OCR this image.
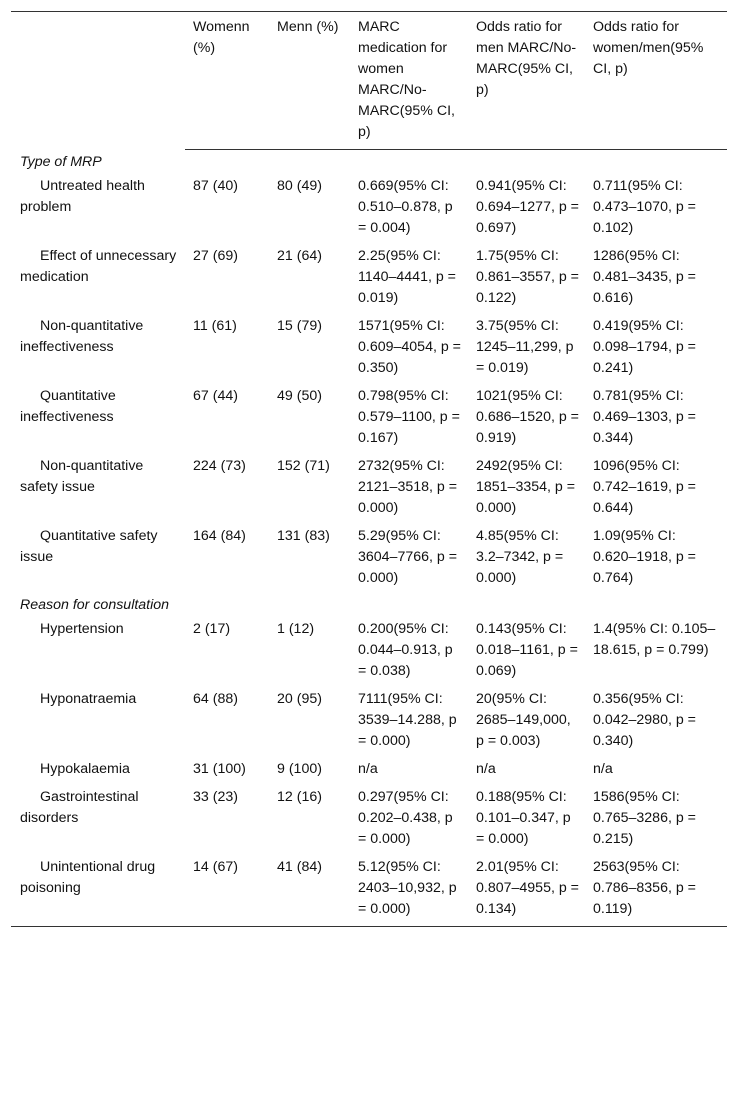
	Womenn (%)	Menn (%)	MARC medication for women MARC/No-MARC(95% CI, p)	Odds ratio for men MARC/No-MARC(95% CI, p)	Odds ratio for women/men(95% CI, p)
Type of MRP					
Untreated health problem	87 (40)	80 (49)	0.669(95% CI: 0.510–0.878, p = 0.004)	0.941(95% CI: 0.694–1277, p = 0.697)	0.711(95% CI: 0.473–1070, p = 0.102)
Effect of unnecessary medication	27 (69)	21 (64)	2.25(95% CI: 1140–4441, p = 0.019)	1.75(95% CI: 0.861–3557, p = 0.122)	1286(95% CI: 0.481–3435, p = 0.616)
Non-quantitative ineffectiveness	11 (61)	15 (79)	1571(95% CI: 0.609–4054, p = 0.350)	3.75(95% CI: 1245–11,299, p = 0.019)	0.419(95% CI: 0.098–1794, p = 0.241)
Quantitative ineffectiveness	67 (44)	49 (50)	0.798(95% CI: 0.579–1100, p = 0.167)	1021(95% CI: 0.686–1520, p = 0.919)	0.781(95% CI: 0.469–1303, p = 0.344)
Non-quantitative safety issue	224 (73)	152 (71)	2732(95% CI: 2121–3518, p = 0.000)	2492(95% CI: 1851–3354, p = 0.000)	1096(95% CI: 0.742–1619, p = 0.644)
Quantitative safety issue	164 (84)	131 (83)	5.29(95% CI: 3604–7766, p = 0.000)	4.85(95% CI: 3.2–7342, p = 0.000)	1.09(95% CI: 0.620–1918, p = 0.764)
Reason for consultation					
Hypertension	2 (17)	1 (12)	0.200(95% CI: 0.044–0.913, p = 0.038)	0.143(95% CI: 0.018–1161, p = 0.069)	1.4(95% CI: 0.105–18.615, p = 0.799)
Hyponatraemia	64 (88)	20 (95)	7111(95% CI: 3539–14.288, p = 0.000)	20(95% CI: 2685–149,000, p = 0.003)	0.356(95% CI: 0.042–2980, p = 0.340)
Hypokalaemia	31 (100)	9 (100)	n/a	n/a	n/a
Gastrointestinal disorders	33 (23)	12 (16)	0.297(95% CI: 0.202–0.438, p = 0.000)	0.188(95% CI: 0.101–0.347, p = 0.000)	1586(95% CI: 0.765–3286, p = 0.215)
Unintentional drug poisoning	14 (67)	41 (84)	5.12(95% CI: 2403–10,932, p = 0.000)	2.01(95% CI: 0.807–4955, p = 0.134)	2563(95% CI: 0.786–8356, p = 0.119)
